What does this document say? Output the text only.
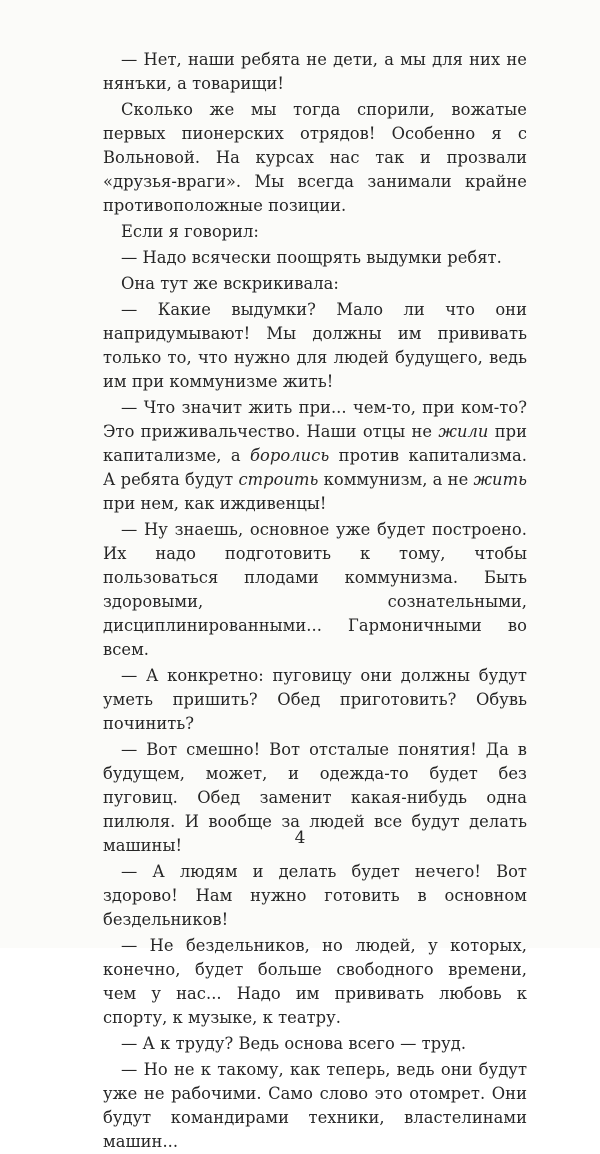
— Нет, наши ребята не дети, а мы для них не нянъки, а товарищи!

Сколько же мы тогда спорили, вожатые первых пионерских отрядов! Особенно я с Вольновой. На курсах нас так и прозвали «друзья-враги». Мы всегда занимали крайне противоположные позиции.

Если я говорил:

— Надо всячески поощрять выдумки ребят.

Она тут же вскрикивала:

— Какие выдумки? Мало ли что они напридумывают! Мы должны им прививать только то, что нужно для людей будущего, ведь им при коммунизме жить!

— Что значит жить при... чем-то, при ком-то? Это приживальчество. Наши отцы не жили при капитализме, а боролись против капитализма. А ребята будут строить коммунизм, а не жить при нем, как иждивенцы!

— Ну знаешь, основное уже будет построено. Их надо подготовить к тому, чтобы пользоваться плодами коммунизма. Быть здоровыми, сознательными, дисциплинированными... Гармоничными во всем.

— А конкретно: пуговицу они должны будут уметь пришить? Обед приготовить? Обувь починить?

— Вот смешно! Вот отсталые понятия! Да в будущем, может, и одежда-то будет без пуговиц. Обед заменит какая-нибудь одна пилюля. И вообще за людей все будут делать машины!

— А людям и делать будет нечего! Вот здорово! Нам нужно готовить в основном бездельников!

— Не бездельников, но людей, у которых, конечно, будет больше свободного времени, чем у нас... Надо им прививать любовь к спорту, к музыке, к театру.

— А к труду? Ведь основа всего — труд.

— Но не к такому, как теперь, ведь они будут уже не рабочими. Само слово это отомрет. Они будут командирами техники, властелинами машин...

4
